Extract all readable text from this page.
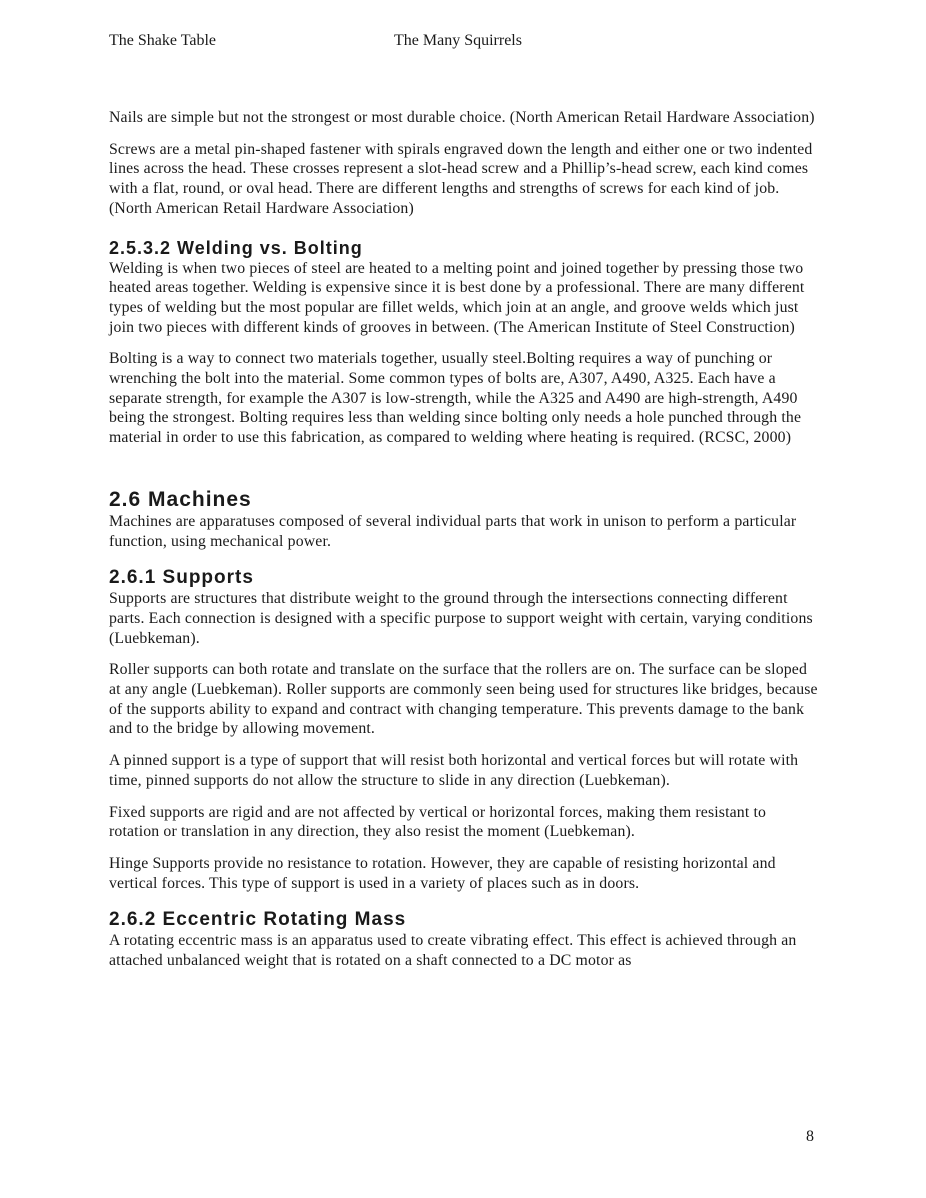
The Shake Table	The Many Squirrels

Nails are simple but not the strongest or most durable choice. (North American Retail Hardware Association)

Screws are a metal pin-shaped fastener with spirals engraved down the length and either one or two indented lines across the head. These crosses represent a slot-head screw and a Phillip’s-head screw, each kind comes with a flat, round, or oval head. There are different lengths and strengths of screws for each kind of job. (North American Retail Hardware Association)

2.5.3.2 Welding vs. Bolting

Welding is when two pieces of steel are heated to a melting point and joined together by pressing those two heated areas together. Welding is expensive since it is best done by a professional. There are many different types of welding but the most popular are fillet welds, which join at an angle, and groove welds which just join two pieces with different kinds of grooves in between. (The American Institute of Steel Construction)

Bolting is a way to connect two materials together, usually steel.Bolting requires a way of punching or wrenching the bolt into the material. Some common types of bolts are, A307, A490, A325. Each have a separate strength, for example the A307 is low-strength, while the A325 and A490 are high-strength, A490 being the strongest. Bolting requires less than welding since bolting only needs a hole punched through the material in order to use this fabrication, as compared to welding where heating is required. (RCSC, 2000)

2.6 Machines

Machines are apparatuses composed of several individual parts that work in unison to perform a particular function, using mechanical power.

2.6.1 Supports

Supports are structures that distribute weight to the ground through the intersections connecting different parts. Each connection is designed with a specific purpose to support weight with certain, varying conditions (Luebkeman).

Roller supports can both rotate and translate on the surface that the rollers are on. The surface can be sloped at any angle (Luebkeman). Roller supports are commonly seen being used for structures like bridges, because of the supports ability to expand and contract with changing temperature. This prevents damage to the bank and to the bridge by allowing movement.

A pinned support is a type of support that will resist both horizontal and vertical forces but will rotate with time, pinned supports do not allow the structure to slide in any direction (Luebkeman).

Fixed supports are rigid and are not affected by vertical or horizontal forces, making them resistant to rotation or translation in any direction, they also resist the moment (Luebkeman).

Hinge Supports provide no resistance to rotation. However, they are capable of resisting horizontal and vertical forces. This type of support is used in a variety of places such as in doors.

2.6.2 Eccentric Rotating Mass

A rotating eccentric mass is an apparatus used to create vibrating effect. This effect is achieved through an attached unbalanced weight that is rotated on a shaft connected to a DC motor as

8
